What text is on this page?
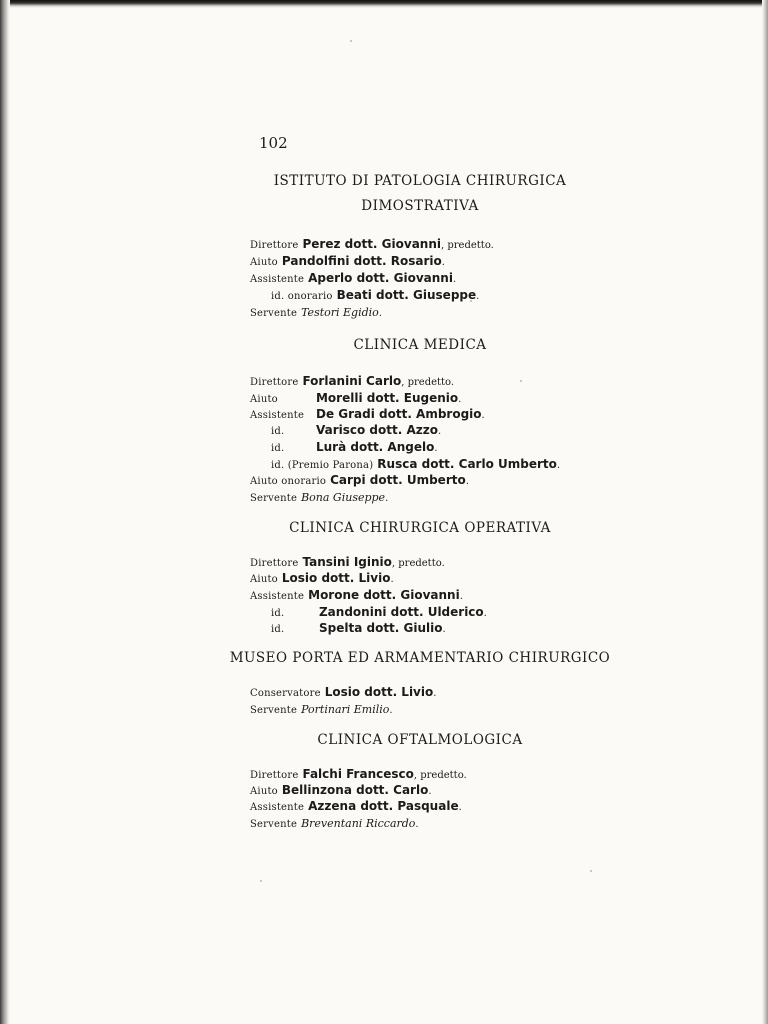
102
ISTITUTO DI PATOLOGIA CHIRURGICA
DIMOSTRATIVA
Direttore Perez dott. Giovanni, predetto.
Aiuto Pandolfini dott. Rosario.
Assistente Aperlo dott. Giovanni.
id. onorario Beati dott. Giuseppe.
Servente Testori Egidio.
CLINICA MEDICA
Direttore Forlanini Carlo, predetto.
Aiuto	Morelli dott. Eugenio.
Assistente De Gradi dott. Ambrogio.
id.	Varisco dott. Azzo.
id.	Lurà dott. Angelo.
id. (Premio Parona) Rusca dott. Carlo Umberto.
Aiuto onorario Carpi dott. Umberto.
Servente Bona Giuseppe.
CLINICA CHIRURGICA OPERATIVA
Direttore Tansini Iginio, predetto.
Aiuto Losio dott. Livio.
Assistente Morone dott. Giovanni.
id.	Zandonini dott. Ulderico.
id.	Spelta dott. Giulio.
MUSEO PORTA ED ARMAMENTARIO CHIRURGICO
Conservatore Losio dott. Livio.
Servente Portinari Emilio.
CLINICA OFTALMOLOGICA
Direttore Falchi Francesco, predetto.
Aiuto Bellinzona dott. Carlo.
Assistente Azzena dott. Pasquale.
Servente Breventani Riccardo.
